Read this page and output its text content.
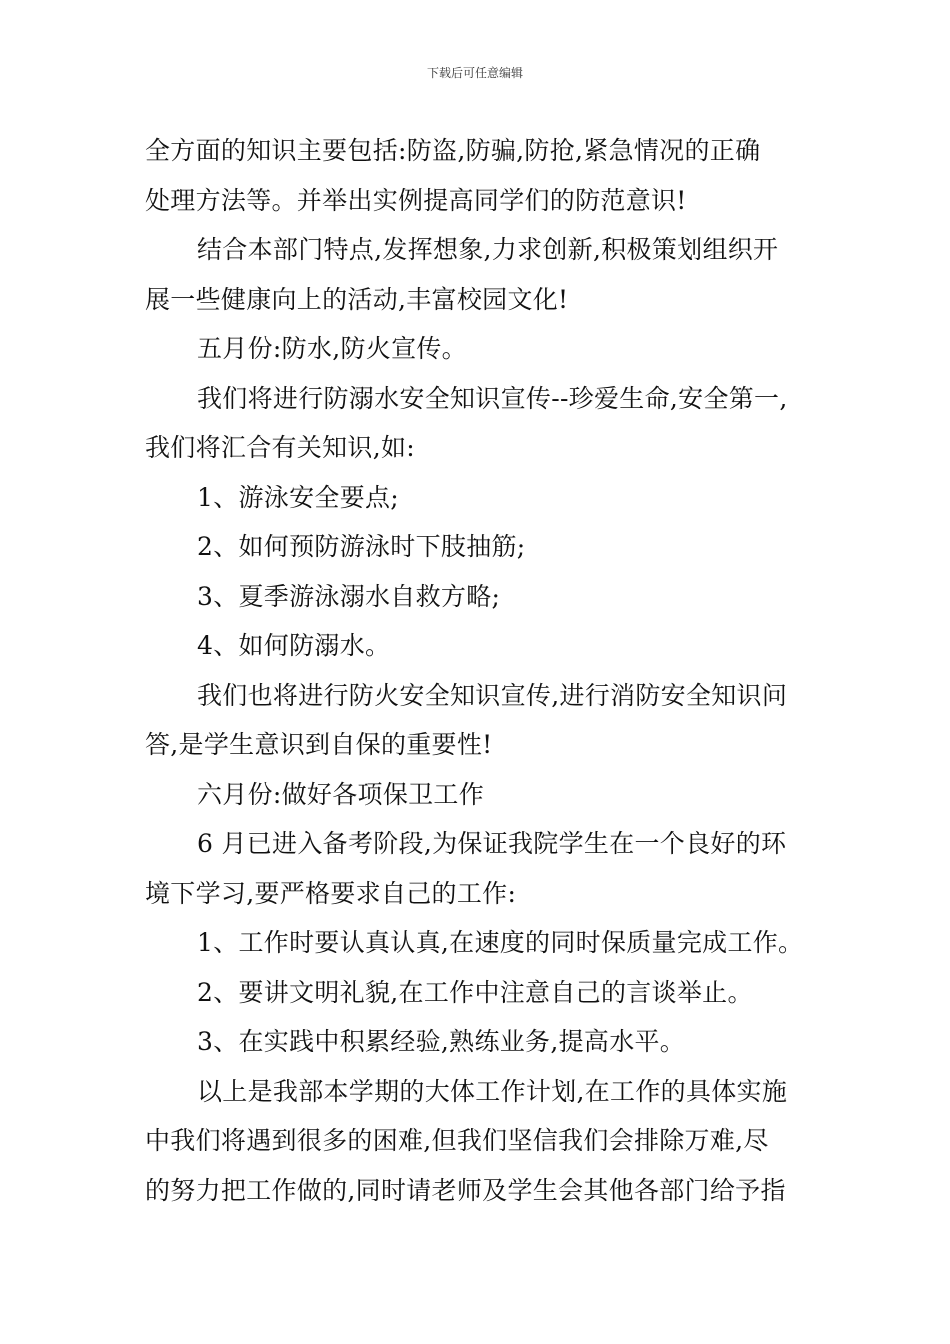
下载后可任意编辑
全方面的知识主要包括:防盗,防骗,防抢,紧急情况的正确
处理方法等。并举出实例提高同学们的防范意识!
结合本部门特点,发挥想象,力求创新,积极策划组织开
展一些健康向上的活动,丰富校园文化!
五月份:防水,防火宣传。
我们将进行防溺水安全知识宣传--珍爱生命,安全第一,
我们将汇合有关知识,如:
1、游泳安全要点;
2、如何预防游泳时下肢抽筋;
3、夏季游泳溺水自救方略;
4、如何防溺水。
我们也将进行防火安全知识宣传,进行消防安全知识问
答,是学生意识到自保的重要性!
六月份:做好各项保卫工作
6 月已进入备考阶段,为保证我院学生在一个良好的环
境下学习,要严格要求自己的工作:
1、工作时要认真认真,在速度的同时保质量完成工作。
2、要讲文明礼貌,在工作中注意自己的言谈举止。
3、在实践中积累经验,熟练业务,提高水平。
以上是我部本学期的大体工作计划,在工作的具体实施
中我们将遇到很多的困难,但我们坚信我们会排除万难,尽
的努力把工作做的,同时请老师及学生会其他各部门给予指
